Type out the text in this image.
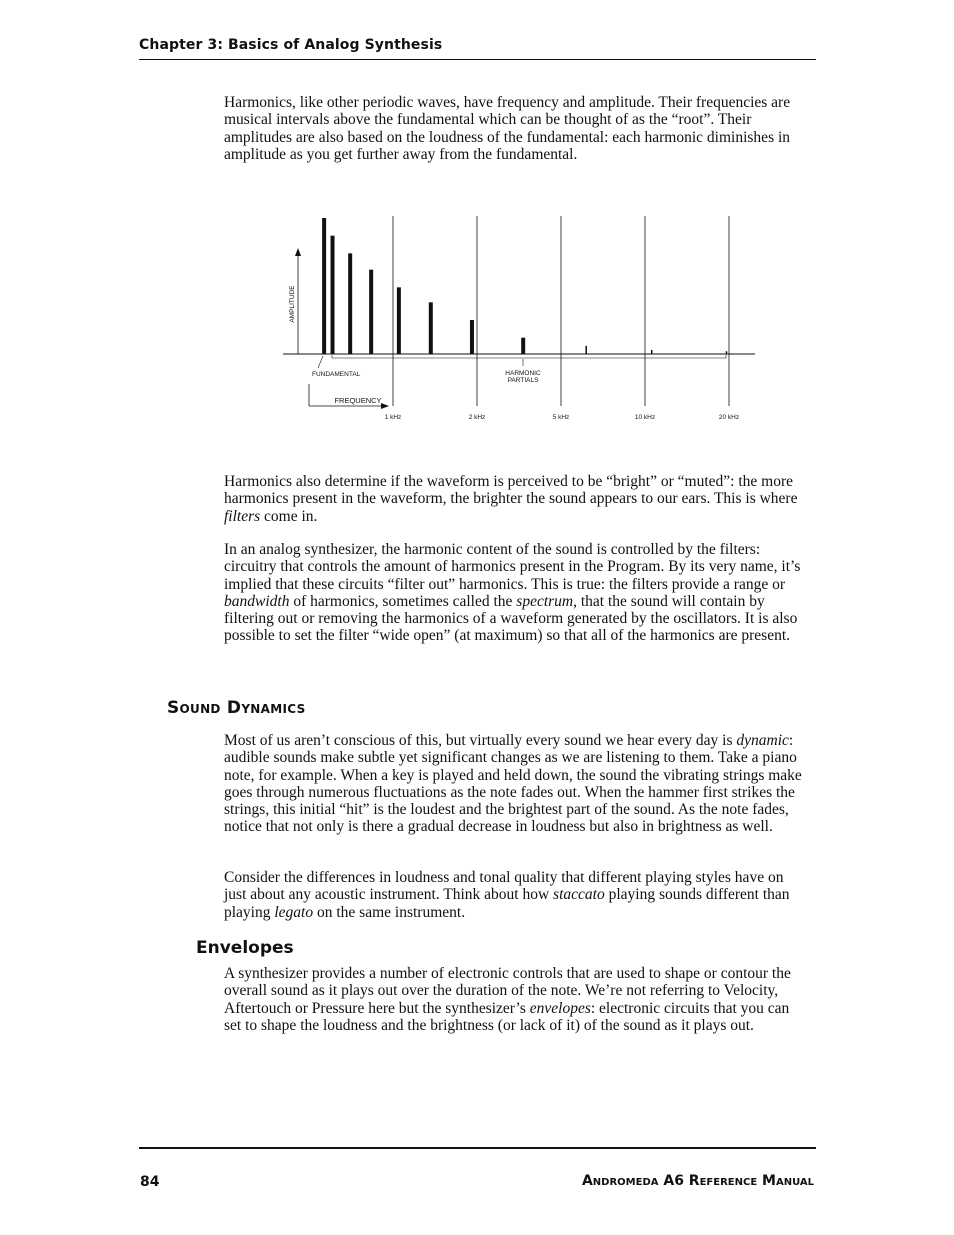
Chapter 3: Basics of Analog Synthesis

Harmonics, like other periodic waves, have frequency and amplitude. Their frequencies are musical intervals above the fundamental which can be thought of as the “root”. Their amplitudes are also based on the loudness of the fundamental: each harmonic diminishes in amplitude as you get further away from the fundamental.

AMPLITUDE
1 kHz	2 kHz	5 kHz	10 kHz	20 kHz
FUNDAMENTAL	HARMONIC PARTIALS
FREQUENCY

Harmonics also determine if the waveform is perceived to be “bright” or “muted”: the more harmonics present in the waveform, the brighter the sound appears to our ears. This is where filters come in.

In an analog synthesizer, the harmonic content of the sound is controlled by the filters: circuitry that controls the amount of harmonics present in the Program. By its very name, it’s implied that these circuits “filter out” harmonics. This is true: the filters provide a range or bandwidth of harmonics, sometimes called the spectrum, that the sound will contain by filtering out or removing the harmonics of a waveform generated by the oscillators. It is also possible to set the filter “wide open” (at maximum) so that all of the harmonics are present.

Sound Dynamics

Most of us aren’t conscious of this, but virtually every sound we hear every day is dynamic: audible sounds make subtle yet significant changes as we are listening to them. Take a piano note, for example. When a key is played and held down, the sound the vibrating strings make goes through numerous fluctuations as the note fades out. When the hammer first strikes the strings, this initial “hit” is the loudest and the brightest part of the sound. As the note fades, notice that not only is there a gradual decrease in loudness but also in brightness as well.

Consider the differences in loudness and tonal quality that different playing styles have on just about any acoustic instrument. Think about how staccato playing sounds different than playing legato on the same instrument.

Envelopes

A synthesizer provides a number of electronic controls that are used to shape or contour the overall sound as it plays out over the duration of the note. We’re not referring to Velocity, Aftertouch or Pressure here but the synthesizer’s envelopes: electronic circuits that you can set to shape the loudness and the brightness (or lack of it) of the sound as it plays out.

84	Andromeda A6 Reference Manual
